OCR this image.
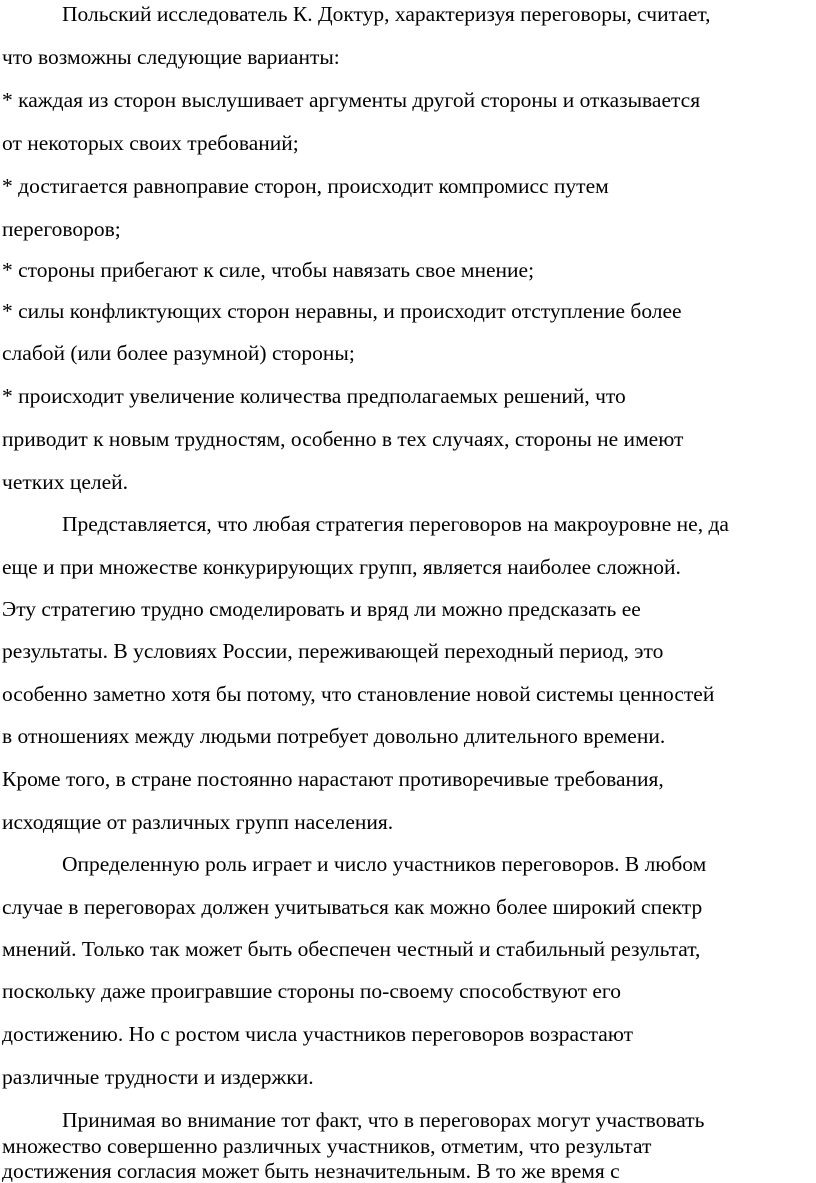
Польский исследователь К. Доктур, характеризуя переговоры, считает,
что возможны следующие варианты:
* каждая из сторон выслушивает аргументы другой стороны и отказывается
от некоторых своих требований;
* достигается равноправие сторон, происходит компромисс путем
переговоров;
* стороны прибегают к силе, чтобы навязать свое мнение;
* силы конфликтующих сторон неравны, и происходит отступление более
слабой (или более разумной) стороны;
* происходит увеличение количества предполагаемых решений, что
приводит к новым трудностям, особенно в тех случаях, стороны не имеют
четких целей.
Представляется, что любая стратегия переговоров на макроуровне не, да
еще и при множестве конкурирующих групп, является наиболее сложной.
Эту стратегию трудно смоделировать и вряд ли можно предсказать ее
результаты. В условиях России, переживающей переходный период, это
особенно заметно хотя бы потому, что становление новой системы ценностей
в отношениях между людьми потребует довольно длительного времени.
Кроме того, в стране постоянно нарастают противоречивые требования,
исходящие от различных групп населения.
Определенную роль играет и число участников переговоров. В любом
случае в переговорах должен учитываться как можно более широкий спектр
мнений. Только так может быть обеспечен честный и стабильный результат,
поскольку даже проигравшие стороны по-своему способствуют его
достижению. Но с ростом числа участников переговоров возрастают
различные трудности и издержки.
Принимая во внимание тот факт, что в переговорах могут участвовать
множество совершенно различных участников, отметим, что результат
достижения согласия может быть незначительным. В то же время с
